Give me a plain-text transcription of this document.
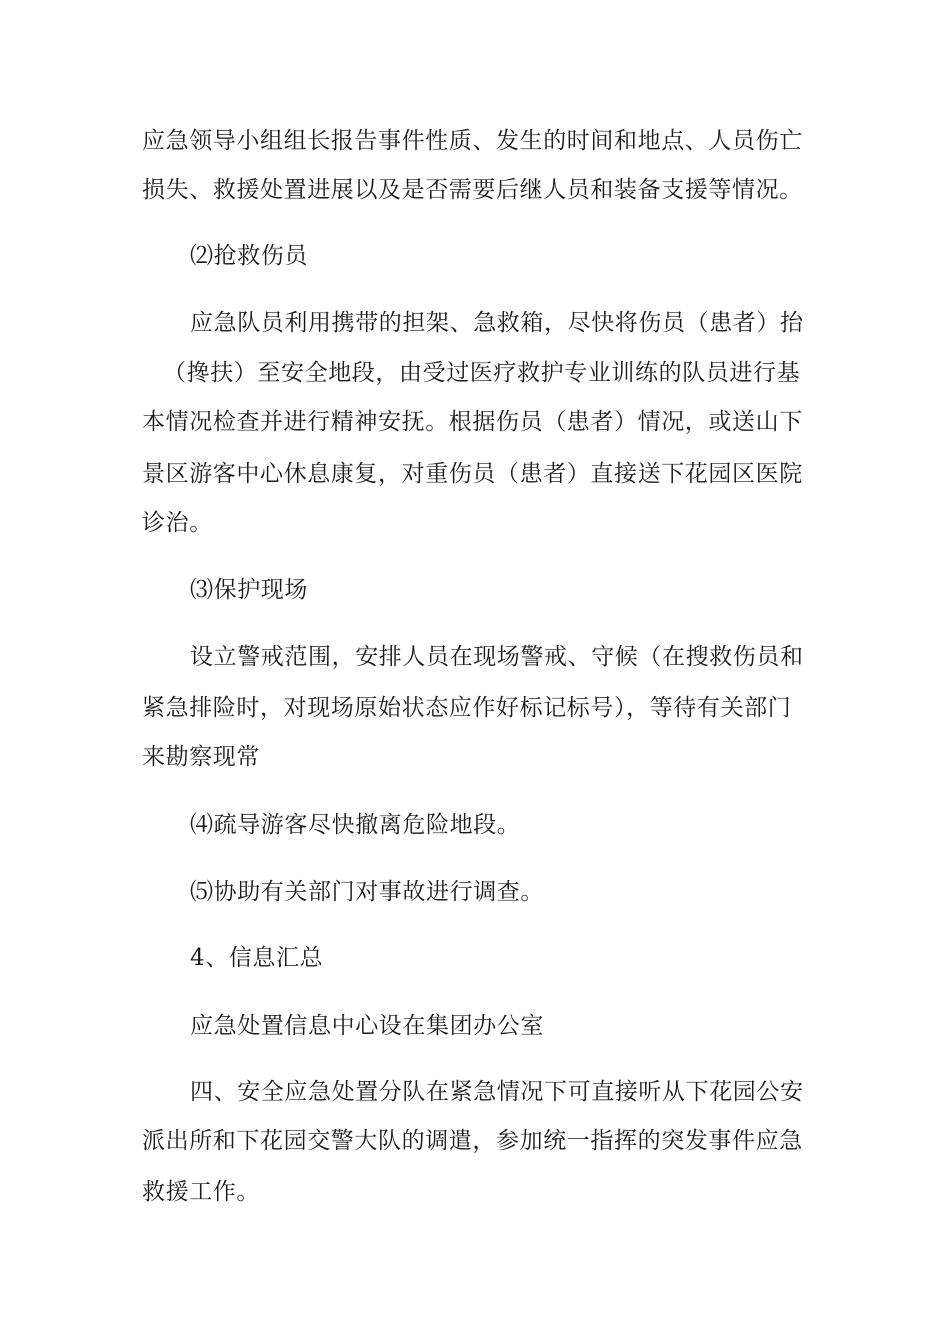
应急领导小组组长报告事件性质、发生的时间和地点、人员伤亡
损失、救援处置进展以及是否需要后继人员和装备支援等情况。
⑵抢救伤员
应急队员利用携带的担架、急救箱，尽快将伤员（患者）抬
（搀扶）至安全地段，由受过医疗救护专业训练的队员进行基
本情况检查并进行精神安抚。根据伤员（患者）情况，或送山下
景区游客中心休息康复，对重伤员（患者）直接送下花园区医院
诊治。
⑶保护现场
设立警戒范围，安排人员在现场警戒、守候（在搜救伤员和
紧急排险时，对现场原始状态应作好标记标号），等待有关部门
来勘察现常
⑷疏导游客尽快撤离危险地段。
⑸协助有关部门对事故进行调查。
4、信息汇总
应急处置信息中心设在集团办公室
四、安全应急处置分队在紧急情况下可直接听从下花园公安
派出所和下花园交警大队的调遣，参加统一指挥的突发事件应急
救援工作。
